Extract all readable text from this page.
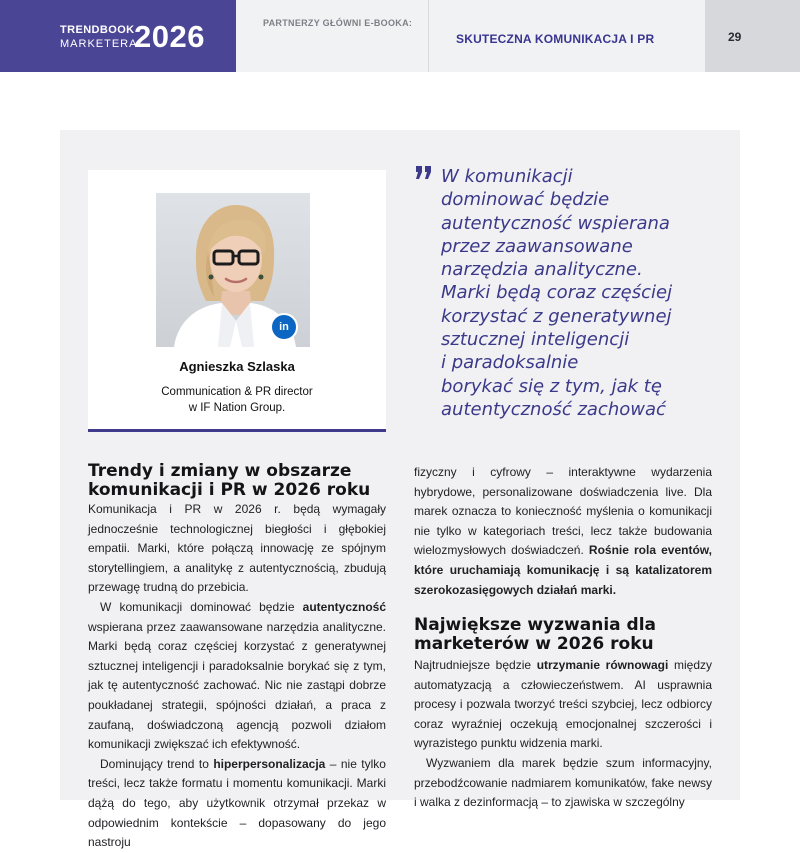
TRENDBOOK
MARKETERA
2026	PARTNERZY GŁÓWNI E-BOOKA:
SKUTECZNA KOMUNIKACJA I PR	29
in
Agnieszka Szlaska
Communication & PR director
w IF Nation Group.
W komunikacji
dominować będzie
autentyczność wspierana
przez zaawansowane
narzędzia analityczne.
Marki będą coraz częściej
korzystać z generatywnej
sztucznej inteligencji
i paradoksalnie
borykać się z tym, jak tę
autentyczność zachować
Trendy i zmiany w obszarze komunikacji i PR w 2026 roku

Komunikacja i PR w 2026 r. będą wymagały jednocześnie technologicznej biegłości i głębokiej empatii. Marki, które połączą innowację ze spójnym storytellingiem, a analitykę z autentycznością, zbudują przewagę trudną do przebicia.

W komunikacji dominować będzie autentyczność wspierana przez zaawansowane narzędzia analityczne. Marki będą coraz częściej korzystać z generatywnej sztucznej inteligencji i paradoksalnie borykać się z tym, jak tę autentyczność zachować. Nic nie zastąpi dobrze poukładanej strategii, spójności działań, a praca z zaufaną, doświadczoną agencją pozwoli działom komunikacji zwiększać ich efektywność.

Dominujący trend to hiperpersonalizacja – nie tylko treści, lecz także formatu i momentu komunikacji. Marki dążą do tego, aby użytkownik otrzymał przekaz w odpowiednim kontekście – dopasowany do jego nastroju

fizyczny i cyfrowy – interaktywne wydarzenia hybrydowe, personalizowane doświadczenia live. Dla marek oznacza to konieczność myślenia o komunikacji nie tylko w kategoriach treści, lecz także budowania wielozmysłowych doświadczeń. Rośnie rola eventów, które uruchamiają komunikację i są katalizatorem szerokozasięgowych działań marki.

Największe wyzwania dla marketerów w 2026 roku

Najtrudniejsze będzie utrzymanie równowagi między automatyzacją a człowieczeństwem. AI usprawnia procesy i pozwala tworzyć treści szybciej, lecz odbiorcy coraz wyraźniej oczekują emocjonalnej szczerości i wyrazistego punktu widzenia marki.

Wyzwaniem dla marek będzie szum informacyjny, przebodźcowanie nadmiarem komunikatów, fake newsy i walka z dezinformacją – to zjawiska w szczególny
